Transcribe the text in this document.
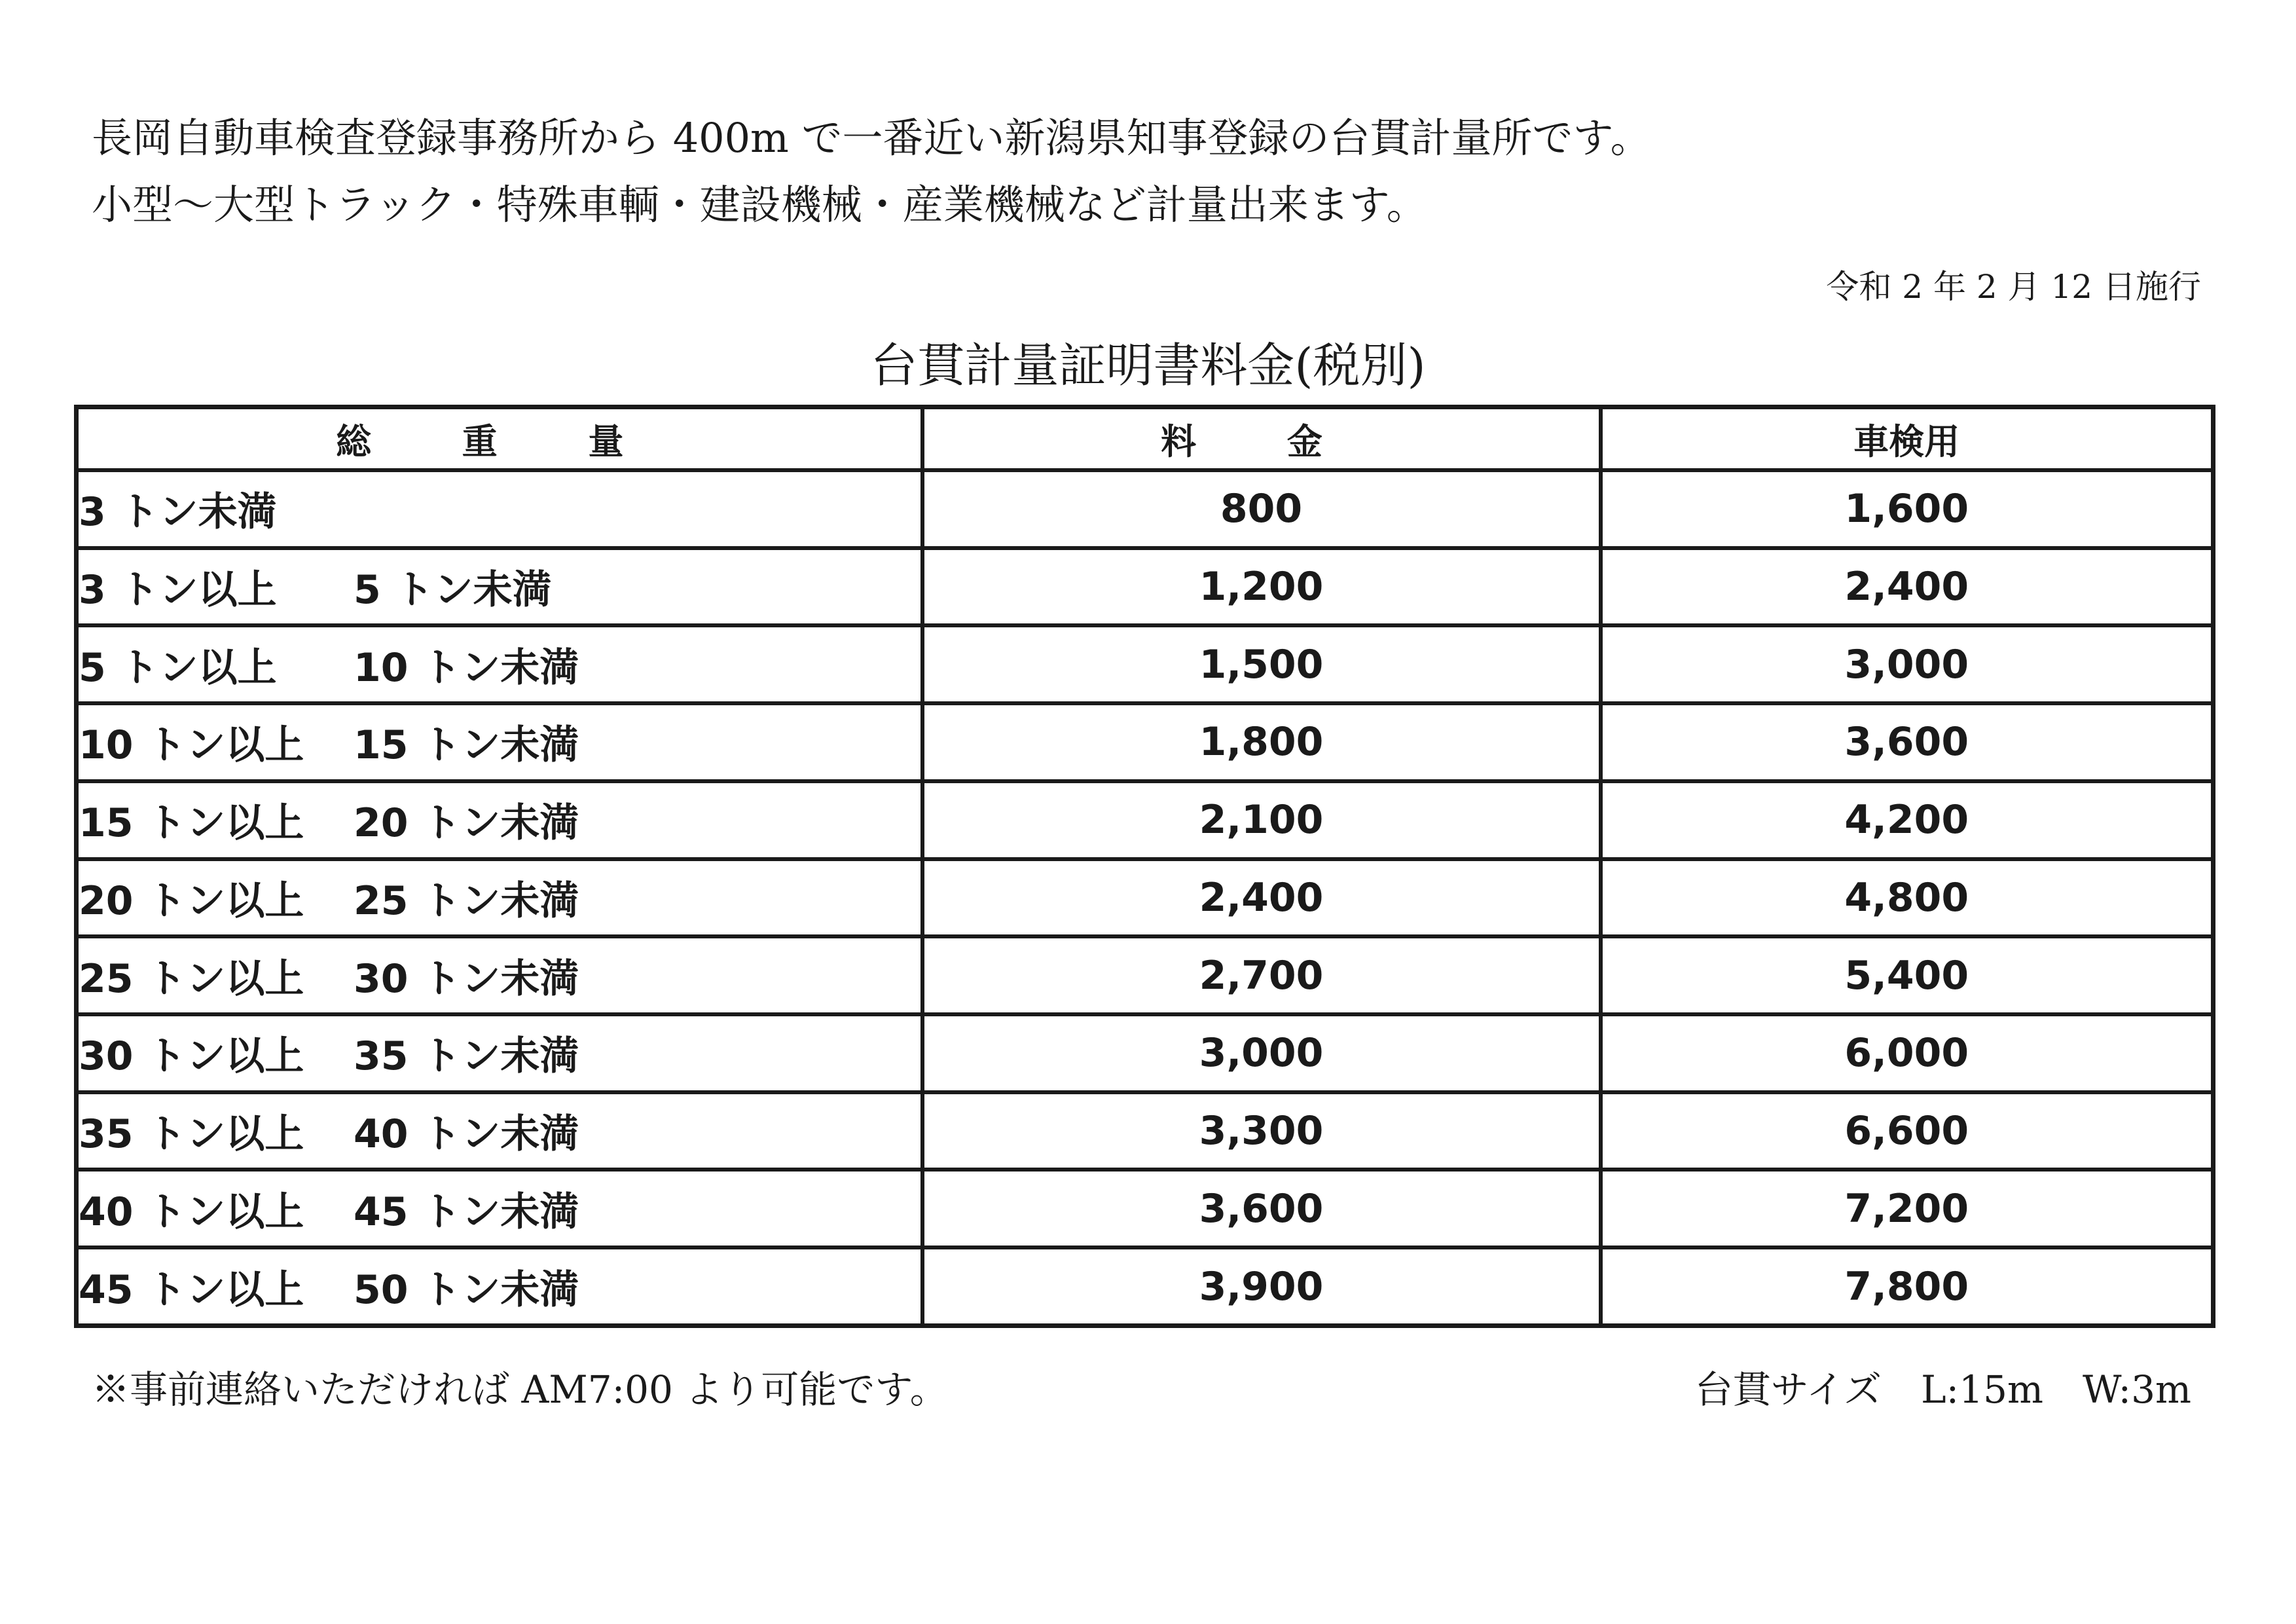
長岡自動車検査登録事務所から 400m で一番近い新潟県知事登録の台貫計量所です。
小型～大型トラック・特殊車輌・建設機械・産業機械など計量出来ます。
令和 2 年 2 月 12 日施行
台貫計量証明書料金(税別)
総 重 量	料 金	車検用
3 トン未満	800	1,600
3 トン以上 5 トン未満	1,200	2,400
5 トン以上 10 トン未満	1,500	3,000
10 トン以上 15 トン未満	1,800	3,600
15 トン以上 20 トン未満	2,100	4,200
20 トン以上 25 トン未満	2,400	4,800
25 トン以上 30 トン未満	2,700	5,400
30 トン以上 35 トン未満	3,000	6,000
35 トン以上 40 トン未満	3,300	6,600
40 トン以上 45 トン未満	3,600	7,200
45 トン以上 50 トン未満	3,900	7,800
※事前連絡いただければ AM7:00 より可能です。	台貫サイズ L:15m W:3m
